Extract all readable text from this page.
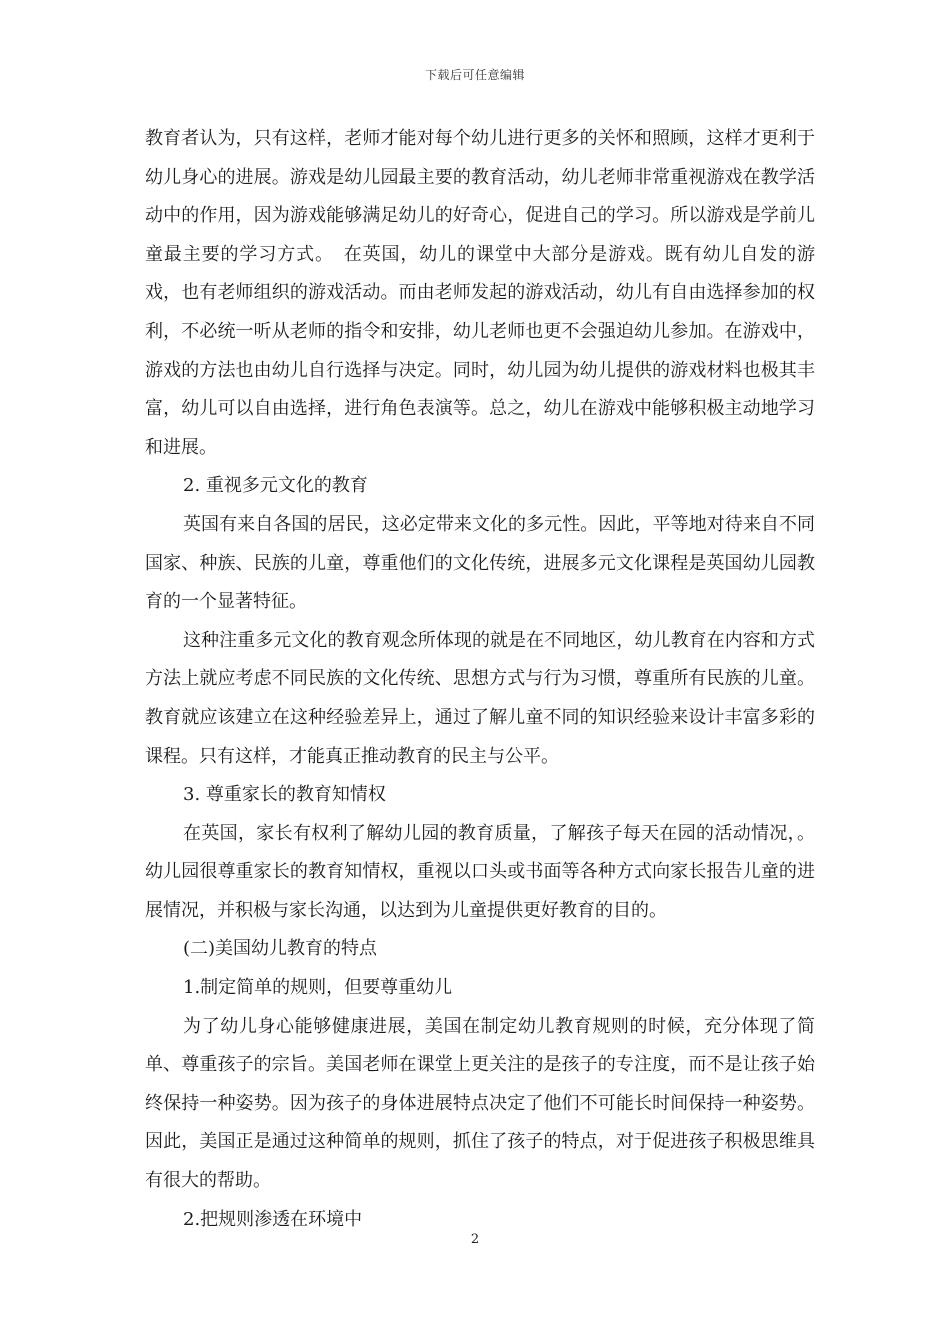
下载后可任意编辑

教育者认为，只有这样，老师才能对每个幼儿进行更多的关怀和照顾，这样才更利于幼儿身心的进展。游戏是幼儿园最主要的教育活动，幼儿老师非常重视游戏在教学活动中的作用，因为游戏能够满足幼儿的好奇心，促进自己的学习。所以游戏是学前儿童最主要的学习方式。　在英国，幼儿的课堂中大部分是游戏。既有幼儿自发的游戏，也有老师组织的游戏活动。而由老师发起的游戏活动，幼儿有自由选择参加的权利，不必统一听从老师的指令和安排，幼儿老师也更不会强迫幼儿参加。在游戏中，游戏的方法也由幼儿自行选择与决定。同时，幼儿园为幼儿提供的游戏材料也极其丰富，幼儿可以自由选择，进行角色表演等。总之，幼儿在游戏中能够积极主动地学习和进展。

2. 重视多元文化的教育

英国有来自各国的居民，这必定带来文化的多元性。因此，平等地对待来自不同国家、种族、民族的儿童，尊重他们的文化传统，进展多元文化课程是英国幼儿园教育的一个显著特征。

这种注重多元文化的教育观念所体现的就是在不同地区，幼儿教育在内容和方式方法上就应考虑不同民族的文化传统、思想方式与行为习惯，尊重所有民族的儿童。教育就应该建立在这种经验差异上，通过了解儿童不同的知识经验来设计丰富多彩的课程。只有这样，才能真正推动教育的民主与公平。

3. 尊重家长的教育知情权

在英国，家长有权利了解幼儿园的教育质量，了解孩子每天在园的活动情况，。幼儿园很尊重家长的教育知情权，重视以口头或书面等各种方式向家长报告儿童的进展情况，并积极与家长沟通，以达到为儿童提供更好教育的目的。

(二)美国幼儿教育的特点

1.制定简单的规则，但要尊重幼儿

为了幼儿身心能够健康进展，美国在制定幼儿教育规则的时候，充分体现了简单、尊重孩子的宗旨。美国老师在课堂上更关注的是孩子的专注度，而不是让孩子始终保持一种姿势。因为孩子的身体进展特点决定了他们不可能长时间保持一种姿势。因此，美国正是通过这种简单的规则，抓住了孩子的特点，对于促进孩子积极思维具有很大的帮助。

2.把规则渗透在环境中

2
